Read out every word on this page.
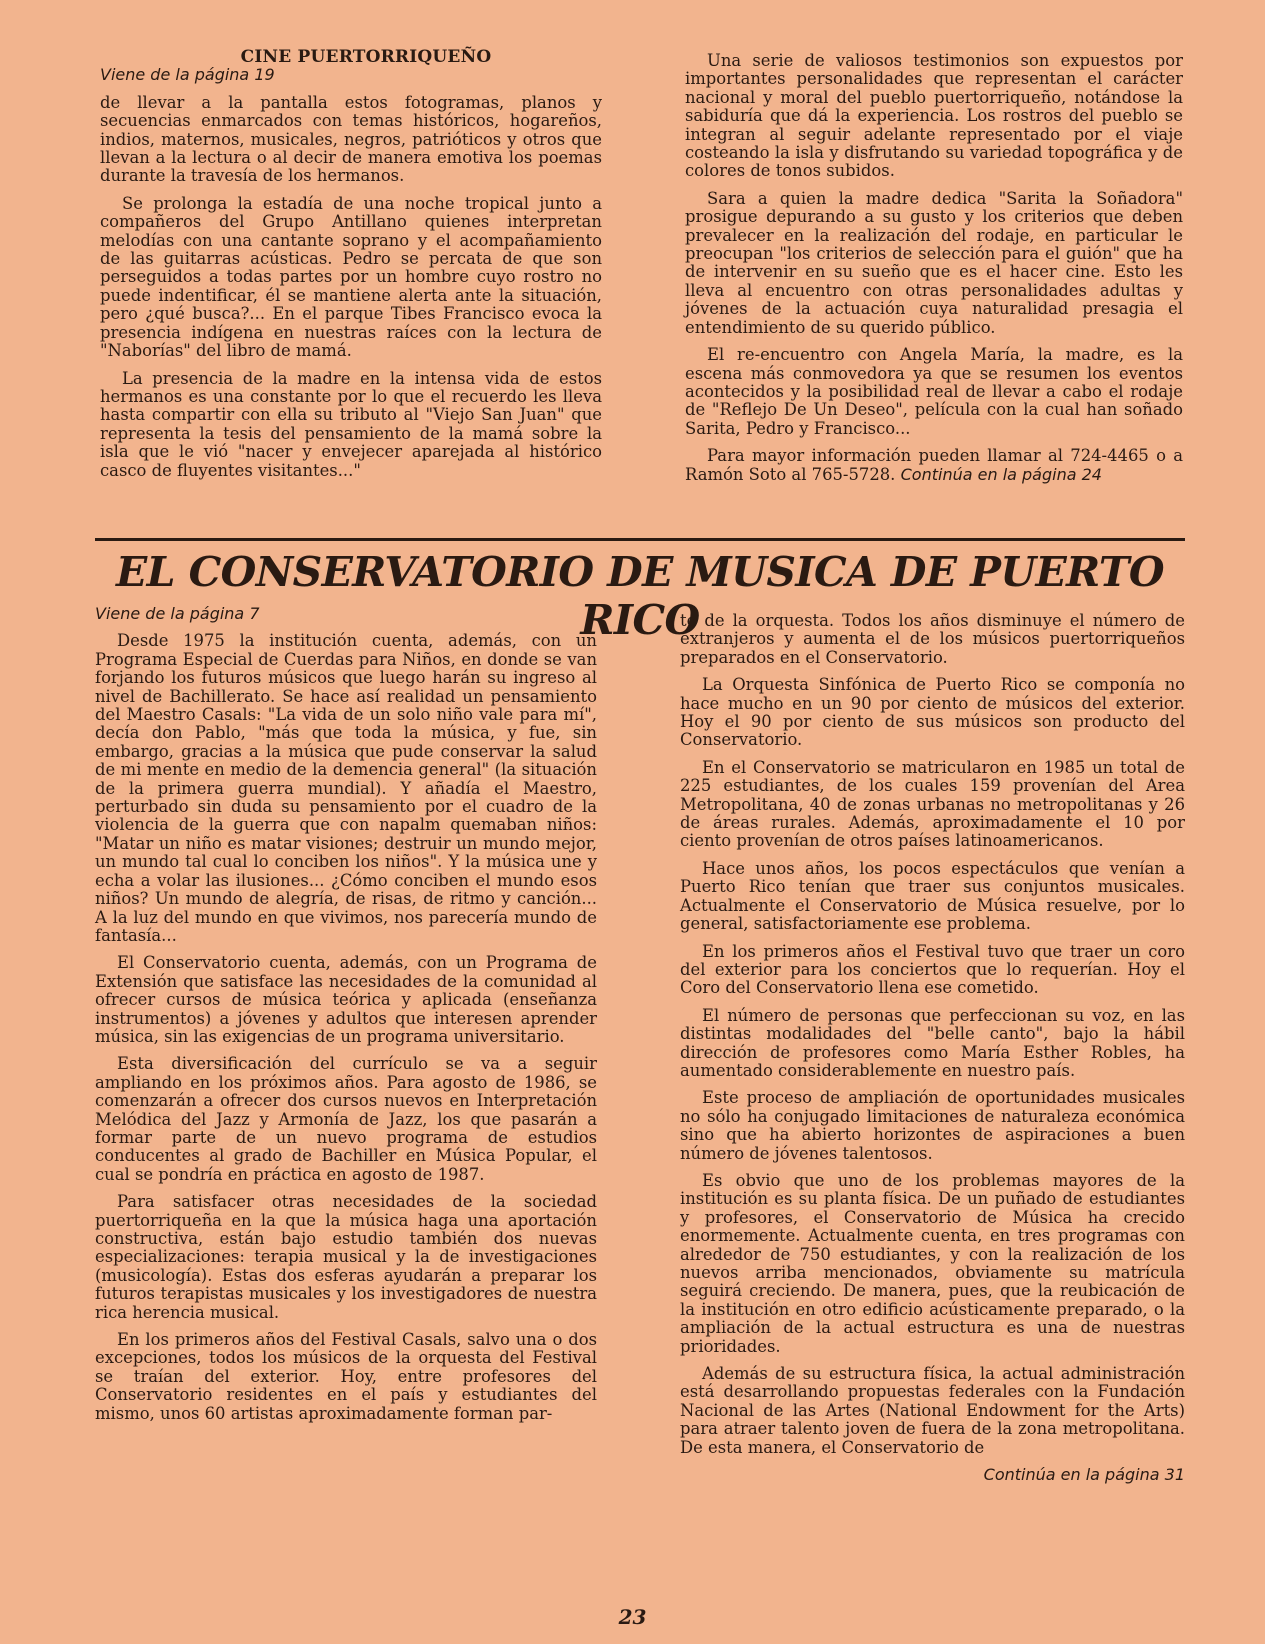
CINE PUERTORRIQUEÑO

Viene de la página 19

de llevar a la pantalla estos fotogramas, planos y secuencias enmarcados con temas históricos, hogareños, indios, maternos, musicales, negros, patrióticos y otros que llevan a la lectura o al decir de manera emotiva los poemas durante la travesía de los hermanos.

Se prolonga la estadía de una noche tropical junto a compañeros del Grupo Antillano quienes interpretan melodías con una cantante soprano y el acompañamiento de las guitarras acústicas. Pedro se percata de que son perseguidos a todas partes por un hombre cuyo rostro no puede indentificar, él se mantiene alerta ante la situación, pero ¿qué busca?... En el parque Tibes Francisco evoca la presencia indígena en nuestras raíces con la lectura de "Naborías" del libro de mamá.

La presencia de la madre en la intensa vida de estos hermanos es una constante por lo que el recuerdo les lleva hasta compartir con ella su tributo al "Viejo San Juan" que representa la tesis del pensamiento de la mamá sobre la isla que le vió "nacer y envejecer aparejada al histórico casco de fluyentes visitantes..."

Una serie de valiosos testimonios son expuestos por importantes personalidades que representan el carácter nacional y moral del pueblo puertorriqueño, notándose la sabiduría que dá la experiencia. Los rostros del pueblo se integran al seguir adelante representado por el viaje costeando la isla y disfrutando su variedad topográfica y de colores de tonos subidos.

Sara a quien la madre dedica "Sarita la Soñadora" prosigue depurando a su gusto y los criterios que deben prevalecer en la realización del rodaje, en particular le preocupan "los criterios de selección para el guión" que ha de intervenir en su sueño que es el hacer cine. Esto les lleva al encuentro con otras personalidades adultas y jóvenes de la actuación cuya naturalidad presagia el entendimiento de su querido público.

El re-encuentro con Angela María, la madre, es la escena más conmovedora ya que se resumen los eventos acontecidos y la posibilidad real de llevar a cabo el rodaje de "Reflejo De Un Deseo", película con la cual han soñado Sarita, Pedro y Francisco...

Para mayor información pueden llamar al 724-4465 o a Ramón Soto al 765-5728. Continúa en la página 24

EL CONSERVATORIO DE MUSICA DE PUERTO RICO

Viene de la página 7

Desde 1975 la institución cuenta, además, con un Programa Especial de Cuerdas para Niños, en donde se van forjando los futuros músicos que luego harán su ingreso al nivel de Bachillerato. Se hace así realidad un pensamiento del Maestro Casals: "La vida de un solo niño vale para mí", decía don Pablo, "más que toda la música, y fue, sin embargo, gracias a la música que pude conservar la salud de mi mente en medio de la demencia general" (la situación de la primera guerra mundial). Y añadía el Maestro, perturbado sin duda su pensamiento por el cuadro de la violencia de la guerra que con napalm quemaban niños: "Matar un niño es matar visiones; destruir un mundo mejor, un mundo tal cual lo conciben los niños". Y la música une y echa a volar las ilusiones... ¿Cómo conciben el mundo esos niños? Un mundo de alegría, de risas, de ritmo y canción... A la luz del mundo en que vivimos, nos parecería mundo de fantasía...

El Conservatorio cuenta, además, con un Programa de Extensión que satisface las necesidades de la comunidad al ofrecer cursos de música teórica y aplicada (enseñanza instrumentos) a jóvenes y adultos que interesen aprender música, sin las exigencias de un programa universitario.

Esta diversificación del currículo se va a seguir ampliando en los próximos años. Para agosto de 1986, se comenzarán a ofrecer dos cursos nuevos en Interpretación Melódica del Jazz y Armonía de Jazz, los que pasarán a formar parte de un nuevo programa de estudios conducentes al grado de Bachiller en Música Popular, el cual se pondría en práctica en agosto de 1987.

Para satisfacer otras necesidades de la sociedad puertorriqueña en la que la música haga una aportación constructiva, están bajo estudio también dos nuevas especializaciones: terapia musical y la de investigaciones (musicología). Estas dos esferas ayudarán a preparar los futuros terapistas musicales y los investigadores de nuestra rica herencia musical.

En los primeros años del Festival Casals, salvo una o dos excepciones, todos los músicos de la orquesta del Festival se traían del exterior. Hoy, entre profesores del Conservatorio residentes en el país y estudiantes del mismo, unos 60 artistas aproximadamente forman par-

te de la orquesta. Todos los años disminuye el número de extranjeros y aumenta el de los músicos puertorriqueños preparados en el Conservatorio.

La Orquesta Sinfónica de Puerto Rico se componía no hace mucho en un 90 por ciento de músicos del exterior. Hoy el 90 por ciento de sus músicos son producto del Conservatorio.

En el Conservatorio se matricularon en 1985 un total de 225 estudiantes, de los cuales 159 provenían del Area Metropolitana, 40 de zonas urbanas no metropolitanas y 26 de áreas rurales. Además, aproximadamente el 10 por ciento provenían de otros países latinoamericanos.

Hace unos años, los pocos espectáculos que venían a Puerto Rico tenían que traer sus conjuntos musicales. Actualmente el Conservatorio de Música resuelve, por lo general, satisfactoriamente ese problema.

En los primeros años el Festival tuvo que traer un coro del exterior para los conciertos que lo requerían. Hoy el Coro del Conservatorio llena ese cometido.

El número de personas que perfeccionan su voz, en las distintas modalidades del "belle canto", bajo la hábil dirección de profesores como María Esther Robles, ha aumentado considerablemente en nuestro país.

Este proceso de ampliación de oportunidades musicales no sólo ha conjugado limitaciones de naturaleza económica sino que ha abierto horizontes de aspiraciones a buen número de jóvenes talentosos.

Es obvio que uno de los problemas mayores de la institución es su planta física. De un puñado de estudiantes y profesores, el Conservatorio de Música ha crecido enormemente. Actualmente cuenta, en tres programas con alrededor de 750 estudiantes, y con la realización de los nuevos arriba mencionados, obviamente su matrícula seguirá creciendo. De manera, pues, que la reubicación de la institución en otro edificio acústicamente preparado, o la ampliación de la actual estructura es una de nuestras prioridades.

Además de su estructura física, la actual administración está desarrollando propuestas federales con la Fundación Nacional de las Artes (National Endowment for the Arts) para atraer talento joven de fuera de la zona metropolitana. De esta manera, el Conservatorio de

Continúa en la página 31

23
